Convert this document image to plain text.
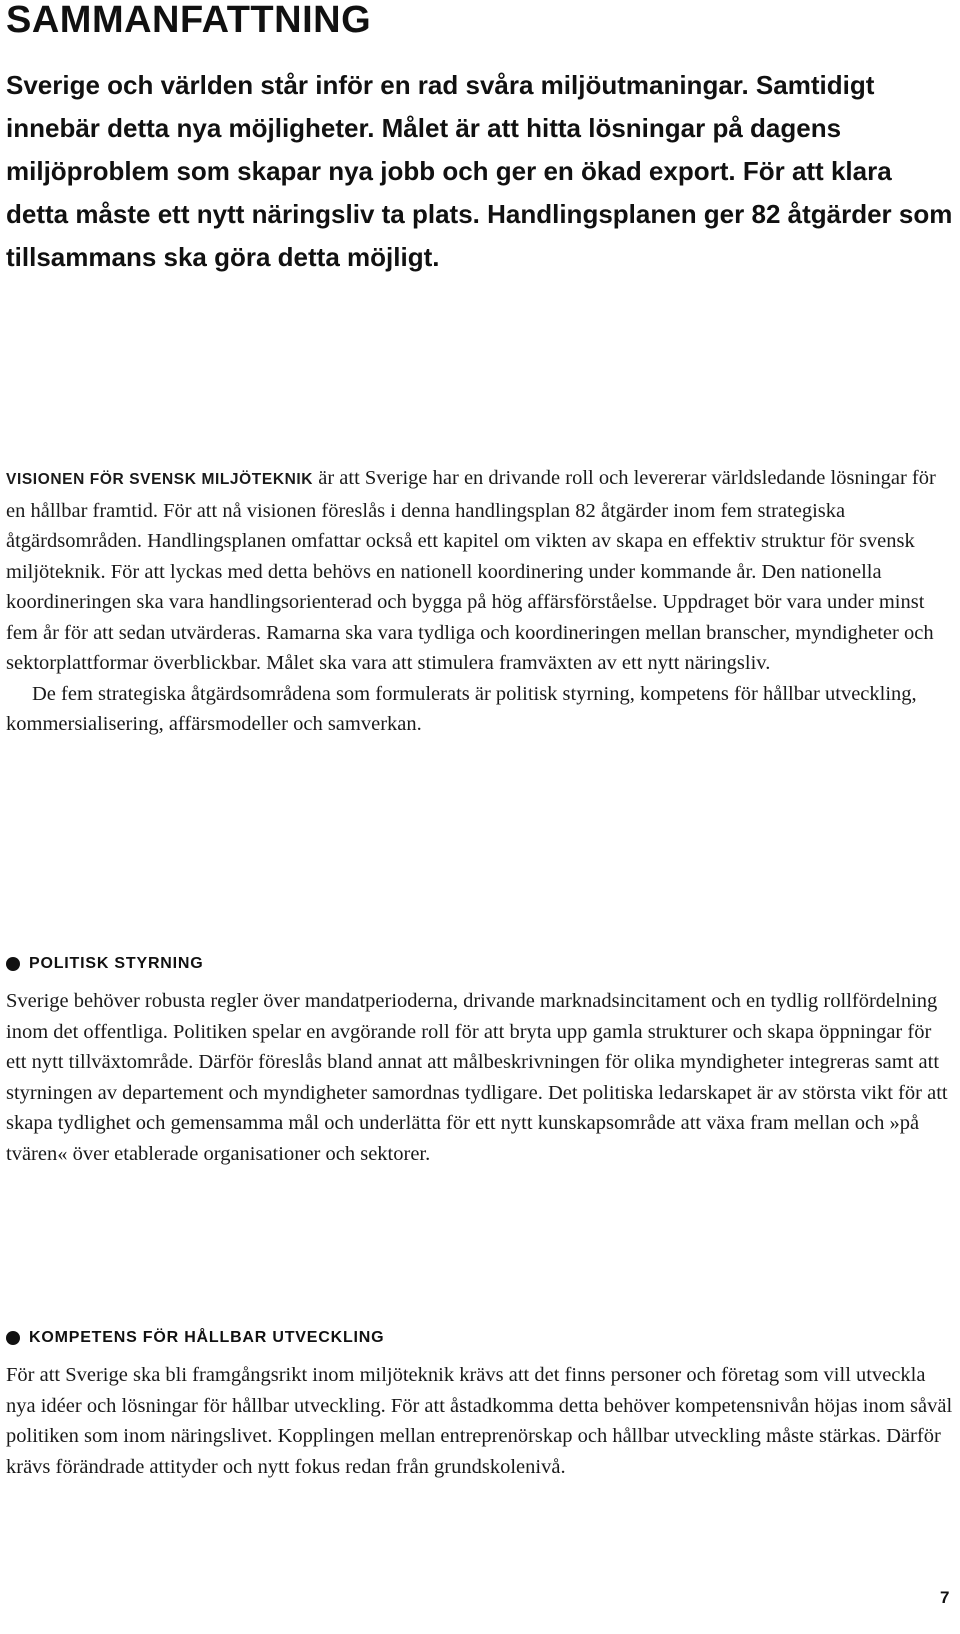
SAMMANFATTNING

Sverige och världen står inför en rad svåra miljöutmaningar. Samtidigt innebär detta nya möjligheter. Målet är att hitta lösningar på dagens miljöproblem som skapar nya jobb och ger en ökad export. För att klara detta måste ett nytt näringsliv ta plats. Handlingsplanen ger 82 åtgärder som tillsammans ska göra detta möjligt.

VISIONEN FÖR SVENSK MILJÖTEKNIK är att Sverige har en drivande roll och levererar världsledande lösningar för en hållbar framtid. För att nå visionen föreslås i denna handlingsplan 82 åtgärder inom fem strategiska åtgärdsområden. Handlingsplanen omfattar också ett kapitel om vikten av skapa en effektiv struktur för svensk miljöteknik. För att lyckas med detta behövs en nationell koordinering under kommande år. Den nationella koordineringen ska vara handlingsorienterad och bygga på hög affärsförståelse. Uppdraget bör vara under minst fem år för att sedan utvärderas. Ramarna ska vara tydliga och koordineringen mellan branscher, myndigheter och sektorplattformar överblickbar. Målet ska vara att stimulera framväxten av ett nytt näringsliv.

De fem strategiska åtgärdsområdena som formulerats är politisk styrning, kompetens för hållbar utveckling, kommersialisering, affärsmodeller och samverkan.

POLITISK STYRNING

Sverige behöver robusta regler över mandatperioderna, drivande marknadsincitament och en tydlig rollfördelning inom det offentliga. Politiken spelar en avgörande roll för att bryta upp gamla strukturer och skapa öppningar för ett nytt tillväxtområde. Därför föreslås bland annat att målbeskrivningen för olika myndigheter integreras samt att styrningen av departement och myndigheter samordnas tydligare. Det politiska ledarskapet är av största vikt för att skapa tydlighet och gemensamma mål och underlätta för ett nytt kunskapsområde att växa fram mellan och »på tvären« över etablerade organisationer och sektorer.

KOMPETENS FÖR HÅLLBAR UTVECKLING

För att Sverige ska bli framgångsrikt inom miljöteknik krävs att det finns personer och företag som vill utveckla nya idéer och lösningar för hållbar utveckling. För att åstadkomma detta behöver kompetensnivån höjas inom såväl politiken som inom näringslivet. Kopplingen mellan entreprenörskap och hållbar utveckling måste stärkas. Därför krävs förändrade attityder och nytt fokus redan från grundskolenivå.

7
